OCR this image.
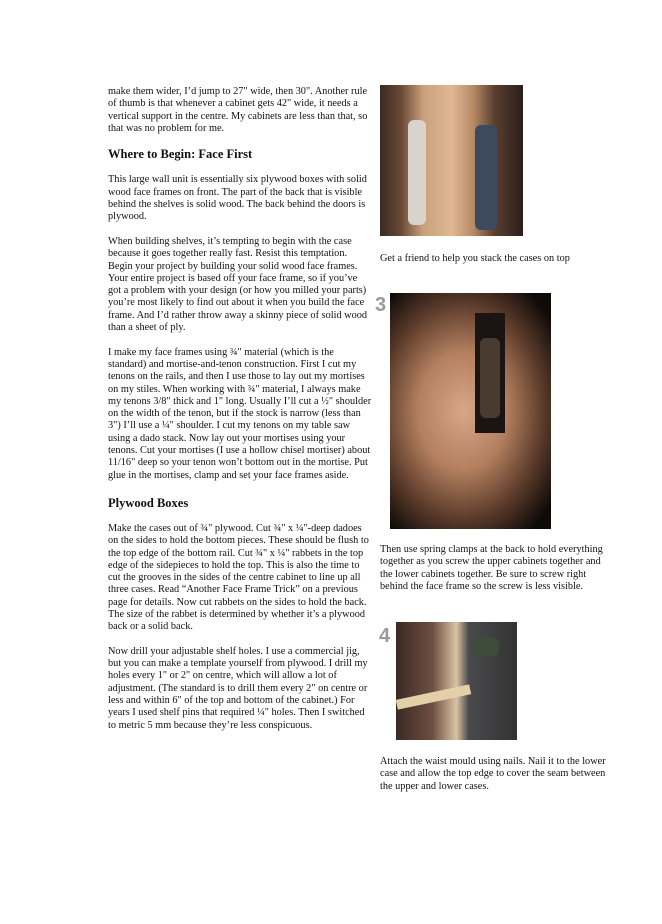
make them wider, I’d jump to 27" wide, then 30". Another rule of thumb is that whenever a cabinet gets 42" wide, it needs a vertical support in the centre. My cabinets are less than that, so that was no problem for me.

Where to Begin: Face First

This large wall unit is essentially six plywood boxes with solid wood face frames on front. The part of the back that is visible behind the shelves is solid wood. The back behind the doors is plywood.

When building shelves, it’s tempting to begin with the case because it goes together really fast. Resist this temptation. Begin your project by building your solid wood face frames. Your entire project is based off your face frame, so if you’ve got a problem with your design (or how you milled your parts) you’re most likely to find out about it when you build the face frame. And I’d rather throw away a skinny piece of solid wood than a sheet of ply.

I make my face frames using ¾" material (which is the standard) and mortise-and-tenon construction. First I cut my tenons on the rails, and then I use those to lay out my mortises on my stiles. When working with ¾" material, I always make my tenons 3/8" thick and 1" long. Usually I’ll cut a ½" shoulder on the width of the tenon, but if the stock is narrow (less than 3") I’ll use a ¼" shoulder. I cut my tenons on my table saw using a dado stack. Now lay out your mortises using your tenons. Cut your mortises (I use a hollow chisel mortiser) about 11/16" deep so your tenon won’t bottom out in the mortise. Put glue in the mortises, clamp and set your face frames aside.

Plywood Boxes

Make the cases out of ¾" plywood. Cut ¾" x ¼"-deep dadoes on the sides to hold the bottom pieces. These should be flush to the top edge of the bottom rail. Cut ¾" x ¼" rabbets in the top edge of the sidepieces to hold the top. This is also the time to cut the grooves in the sides of the centre cabinet to line up all three cases. Read “Another Face Frame Trick” on a previous page for details. Now cut rabbets on the sides to hold the back. The size of the rabbet is determined by whether it’s a plywood back or a solid back.

Now drill your adjustable shelf holes. I use a commercial jig, but you can make a template yourself from plywood. I drill my holes every 1" or 2" on centre, which will allow a lot of adjustment. (The standard is to drill them every 2" on centre or less and within 6" of the top and bottom of the cabinet.) For years I used shelf pins that required ¼" holes. Then I switched to metric 5 mm because they’re less conspicuous.

Get a friend to help you stack the cases on top
3
Then use spring clamps at the back to hold everything together as you screw the upper cabinets together and the lower cabinets together. Be sure to screw right behind the face frame so the screw is less visible.
4
Attach the waist mould using nails. Nail it to the lower case and allow the top edge to cover the seam between the upper and lower cases.
